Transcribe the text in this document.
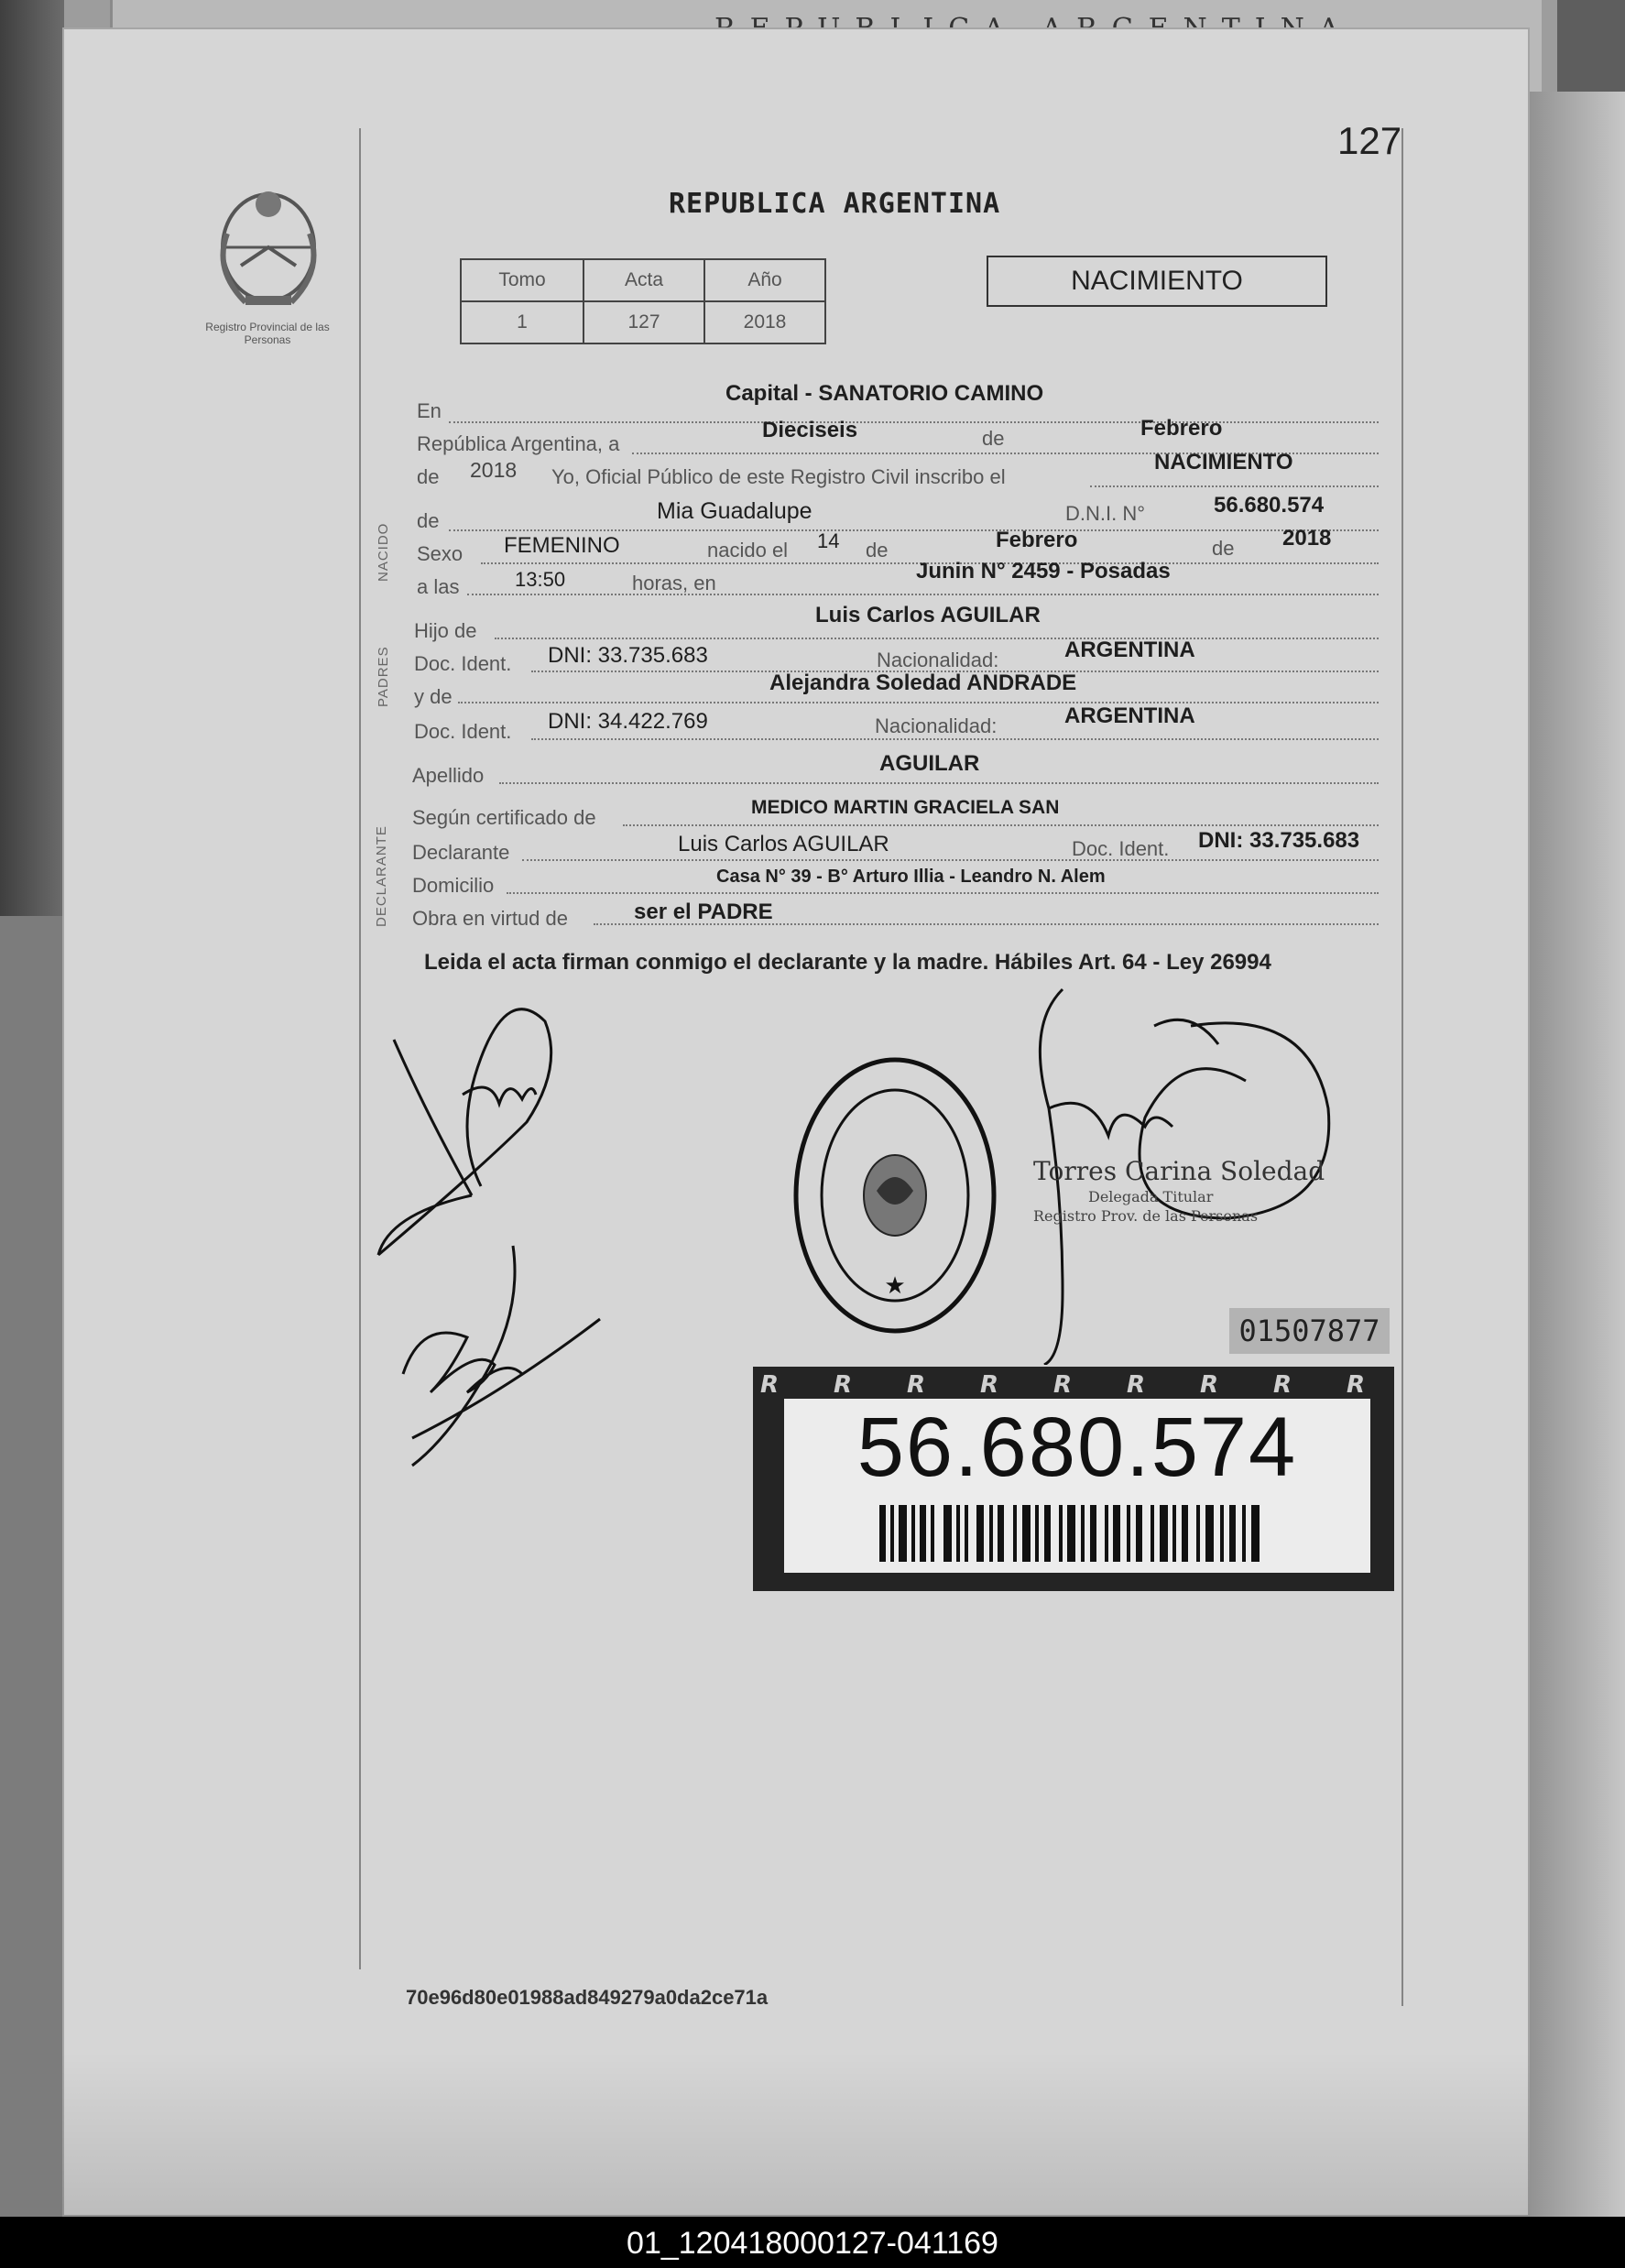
127
Registro Provincial de las Personas
REPUBLICA ARGENTINA
Tomo	Acta	Año
1	127	2018
NACIMIENTO
En
Capital - SANATORIO CAMINO
República Argentina, a
Dieciseis	de	Febrero
de 2018 Yo, Oficial Público de este Registro Civil inscribo el
NACIMIENTO
NACIDO
de	Mia Guadalupe	D.N.I. N°	56.680.574
Sexo FEMENINO	nacido el 14 de	Febrero	de 2018
a las	13:50	horas, en	Junin N° 2459 - Posadas
PADRES
Hijo de
Luis Carlos AGUILAR
Doc. Ident. DNI: 33.735.683	Nacionalidad:	ARGENTINA
y de
Alejandra Soledad ANDRADE
Doc. Ident. DNI: 34.422.769	Nacionalidad:	ARGENTINA
Apellido	AGUILAR
DECLARANTE
Según certificado de	MEDICO MARTIN GRACIELA SAN
Declarante	Luis Carlos AGUILAR	Doc. Ident. DNI: 33.735.683
Domicilio	Casa N° 39 - B° Arturo Illia - Leandro N. Alem
Obra en virtud de	ser el PADRE
Leida el acta firman conmigo el declarante y la madre. Hábiles Art. 64 - Ley 26994
★
Torres Carina Soledad
Delegada Titular
Registro Prov. de las Personas
01507877
R R R R R R R R R
56.680.574
70e96d80e01988ad849279a0da2ce71a
01_120418000127-041169
